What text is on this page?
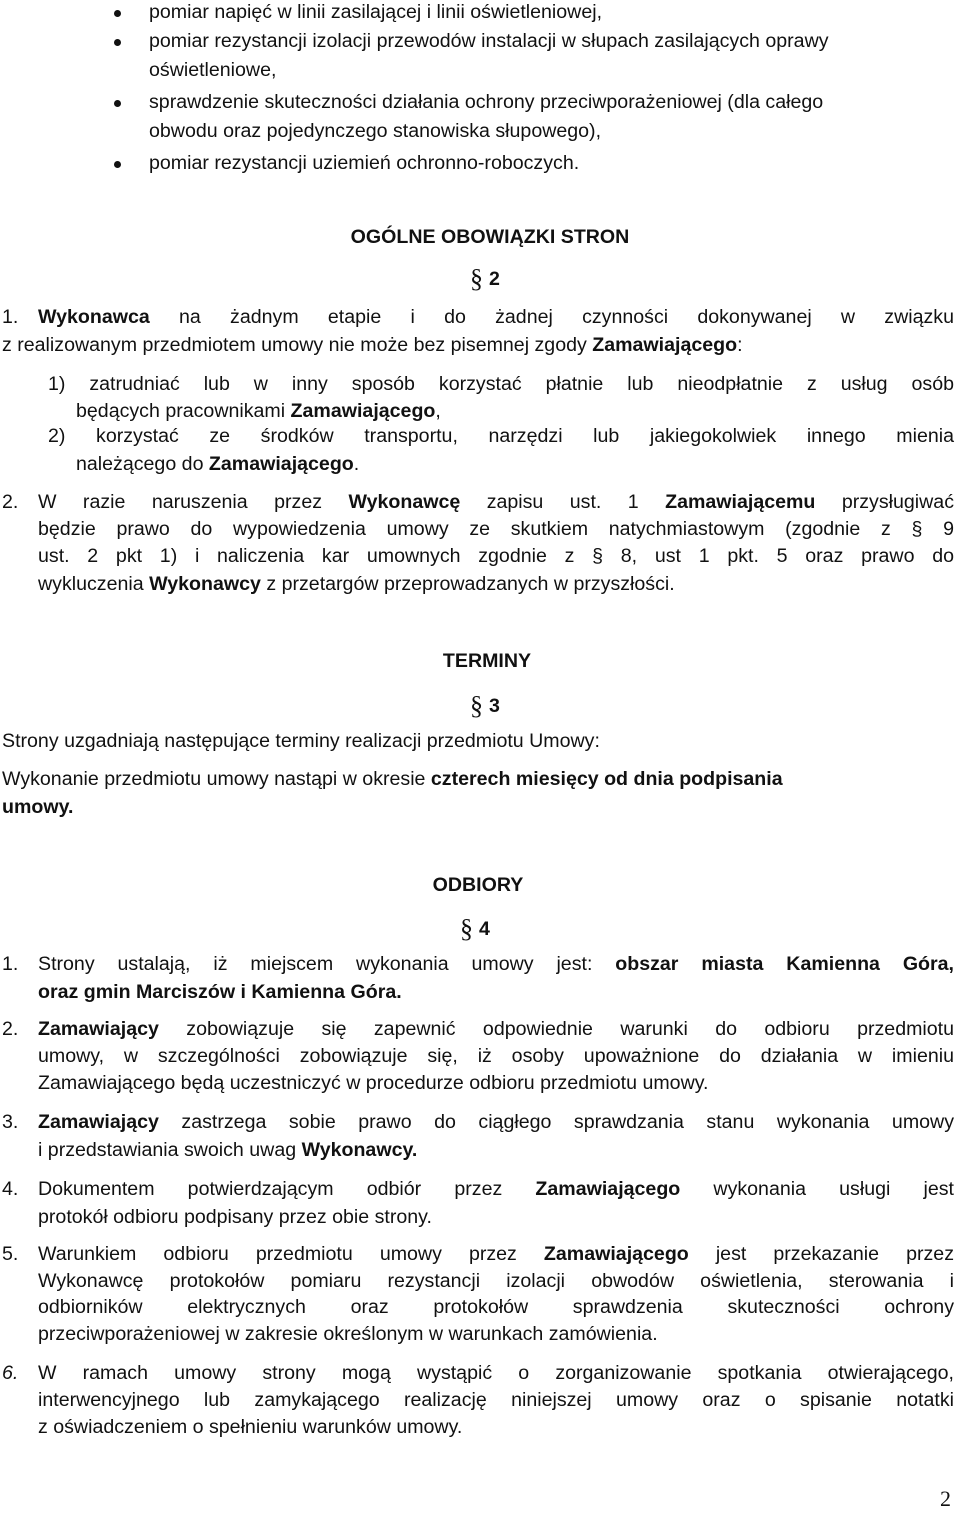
pomiar napięć w linii zasilającej i linii oświetleniowej,
pomiar rezystancji izolacji przewodów instalacji w słupach zasilających oprawy
oświetleniowe,
sprawdzenie skuteczności działania ochrony przeciwporażeniowej (dla całego
obwodu oraz pojedynczego stanowiska słupowego),
pomiar rezystancji uziemień ochronno-roboczych.
OGÓLNE OBOWIĄZKI STRON
§ 2
1. Wykonawca na żadnym etapie i do żadnej czynności dokonywanej w związku
z realizowanym przedmiotem umowy nie może bez pisemnej zgody Zamawiającego:
1) zatrudniać lub w inny sposób korzystać płatnie lub nieodpłatnie z usług osób
będących pracownikami Zamawiającego,
2) korzystać ze środków transportu, narzędzi lub jakiegokolwiek innego mienia
należącego do Zamawiającego.
2. W razie naruszenia przez Wykonawcę zapisu ust. 1 Zamawiającemu przysługiwać
będzie prawo do wypowiedzenia umowy ze skutkiem natychmiastowym (zgodnie z § 9
ust. 2 pkt 1) i naliczenia kar umownych zgodnie z § 8, ust 1 pkt. 5 oraz prawo do
wykluczenia Wykonawcy z przetargów przeprowadzanych w przyszłości.
TERMINY
§ 3
Strony uzgadniają następujące terminy realizacji przedmiotu Umowy:
Wykonanie przedmiotu umowy nastąpi w okresie czterech miesięcy od dnia podpisania
umowy.
ODBIORY
§ 4
1. Strony ustalają, iż miejscem wykonania umowy jest: obszar miasta Kamienna Góra,
oraz gmin Marciszów i Kamienna Góra.
2. Zamawiający zobowiązuje się zapewnić odpowiednie warunki do odbioru przedmiotu
umowy, w szczególności zobowiązuje się, iż osoby upoważnione do działania w imieniu
Zamawiającego będą uczestniczyć w procedurze odbioru przedmiotu umowy.
3. Zamawiający zastrzega sobie prawo do ciągłego sprawdzania stanu wykonania umowy
i przedstawiania swoich uwag Wykonawcy.
4. Dokumentem potwierdzającym odbiór przez Zamawiającego wykonania usługi jest
protokół odbioru podpisany przez obie strony.
5. Warunkiem odbioru przedmiotu umowy przez Zamawiającego jest przekazanie przez
Wykonawcę protokołów pomiaru rezystancji izolacji obwodów oświetlenia, sterowania i
odbiorników elektrycznych oraz protokołów sprawdzenia skuteczności ochrony
przeciwporażeniowej w zakresie określonym w warunkach zamówienia.
6. W ramach umowy strony mogą wystąpić o zorganizowanie spotkania otwierającego,
interwencyjnego lub zamykającego realizację niniejszej umowy oraz o spisanie notatki
z oświadczeniem o spełnieniu warunków umowy.
2
